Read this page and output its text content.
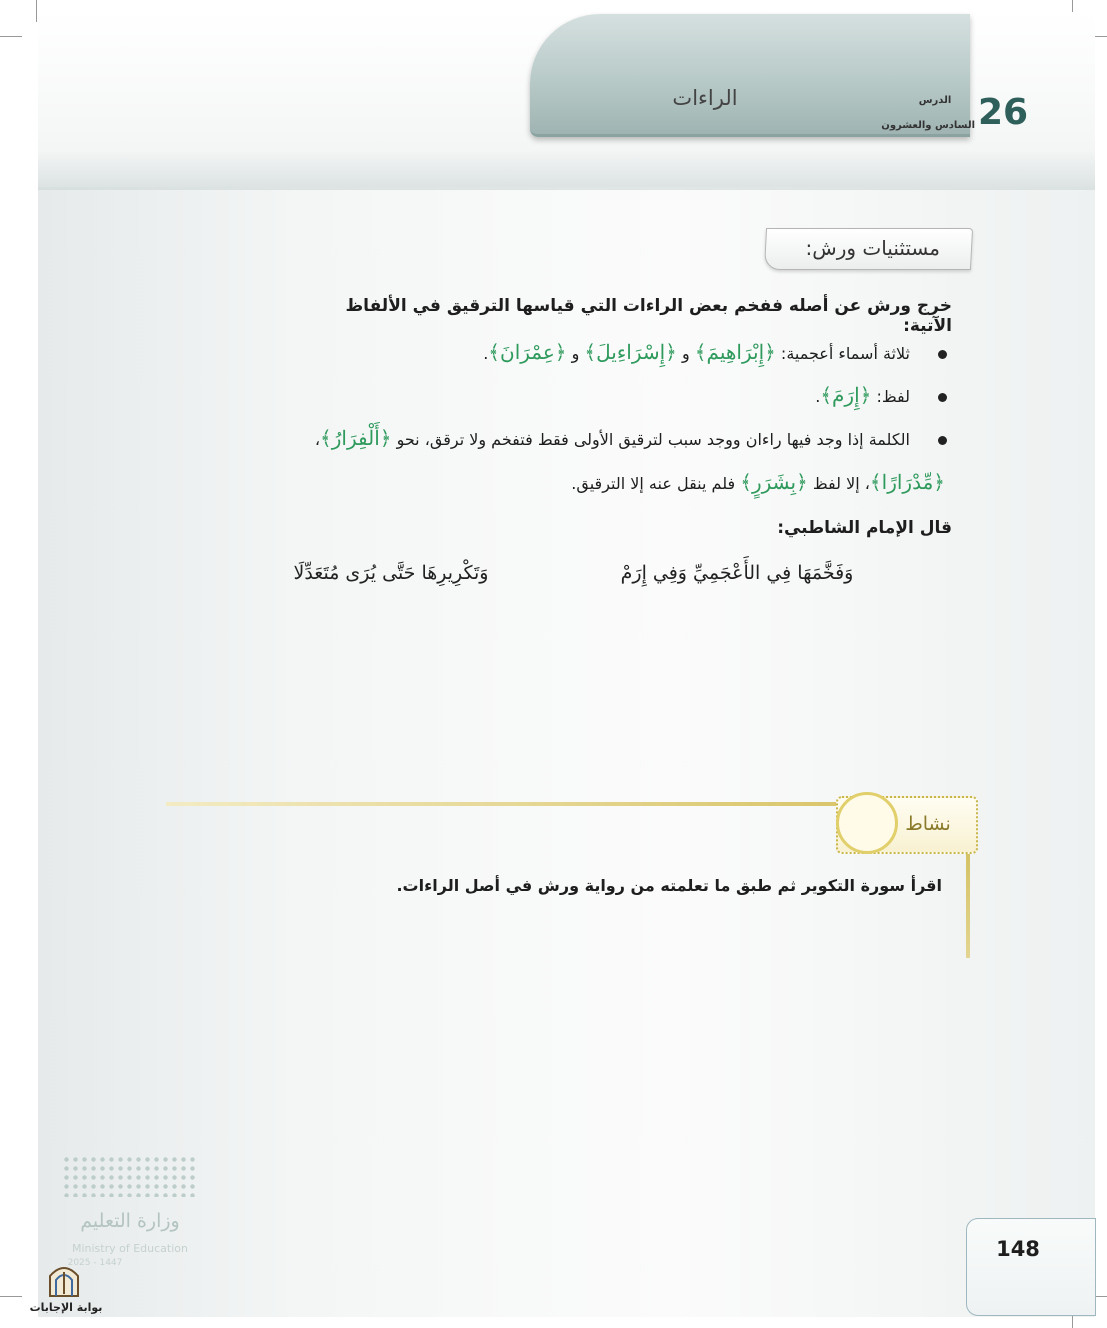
الراءات	26
الدرس
السادس والعشرون
مستثنيات ورش:
خرج ورش عن أصله ففخم بعض الراءات التي قياسها الترقيق في الألفاظ الآتية:
ثلاثة أسماء أعجمية: ﴿إِبْرَاهِيمَ﴾ و ﴿إِسْرَاءِيلَ﴾ و ﴿عِمْرَانَ﴾.
لفظ: ﴿إِرَمَ﴾.
الكلمة إذا وجد فيها راءان ووجد سبب لترقيق الأولى فقط فتفخم ولا ترقق، نحو ﴿أَلْفِرَارُ﴾،
﴿مِّدْرَارًا﴾، إلا لفظ ﴿بِشَرَرٍ﴾ فلم ينقل عنه إلا الترقيق.
قال الإمام الشاطبي:
وَفَخَّمَهَا فِي الأَعْجَمِيِّ وَفِي إِرَمْ
وَتَكْرِيرِهَا حَتَّى يُرَى مُتَعَدِّلَا
نشاط
اقرأ سورة التكوير ثم طبق ما تعلمته من رواية ورش في أصل الراءات.
وزارة التعليم
Ministry of Education
2025 - 1447
بوابة الإجابات
148
